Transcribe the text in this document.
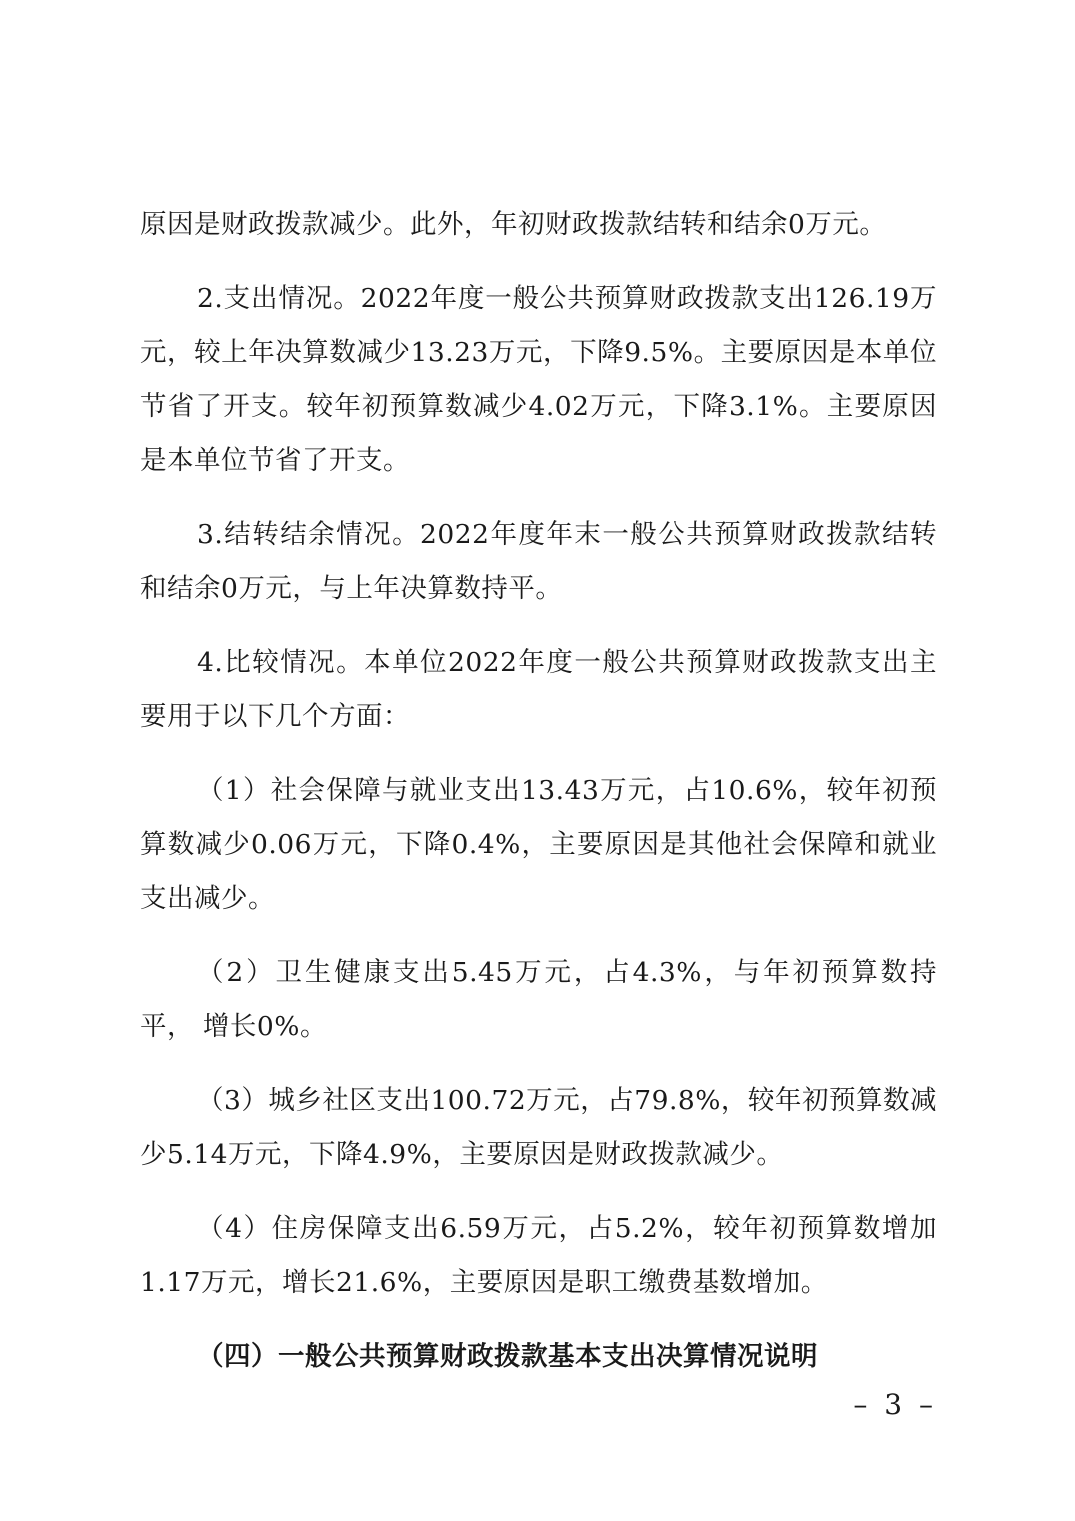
原因是财政拨款减少。此外，年初财政拨款结转和结余0万元。

2.支出情况。2022年度一般公共预算财政拨款支出126.19万元，较上年决算数减少13.23万元，下降9.5%。主要原因是本单位节省了开支。较年初预算数减少4.02万元，下降3.1%。主要原因是本单位节省了开支。

3.结转结余情况。2022年度年末一般公共预算财政拨款结转和结余0万元，与上年决算数持平。

4.比较情况。本单位2022年度一般公共预算财政拨款支出主要用于以下几个方面：

（1）社会保障与就业支出13.43万元，占10.6%，较年初预算数减少0.06万元，下降0.4%，主要原因是其他社会保障和就业支出减少。

（2）卫生健康支出5.45万元，占4.3%，与年初预算数持平， 增长0%。

（3）城乡社区支出100.72万元，占79.8%，较年初预算数减少5.14万元，下降4.9%，主要原因是财政拨款减少。

（4）住房保障支出6.59万元，占5.2%，较年初预算数增加1.17万元，增长21.6%，主要原因是职工缴费基数增加。

（四）一般公共预算财政拨款基本支出决算情况说明

– 3 –
